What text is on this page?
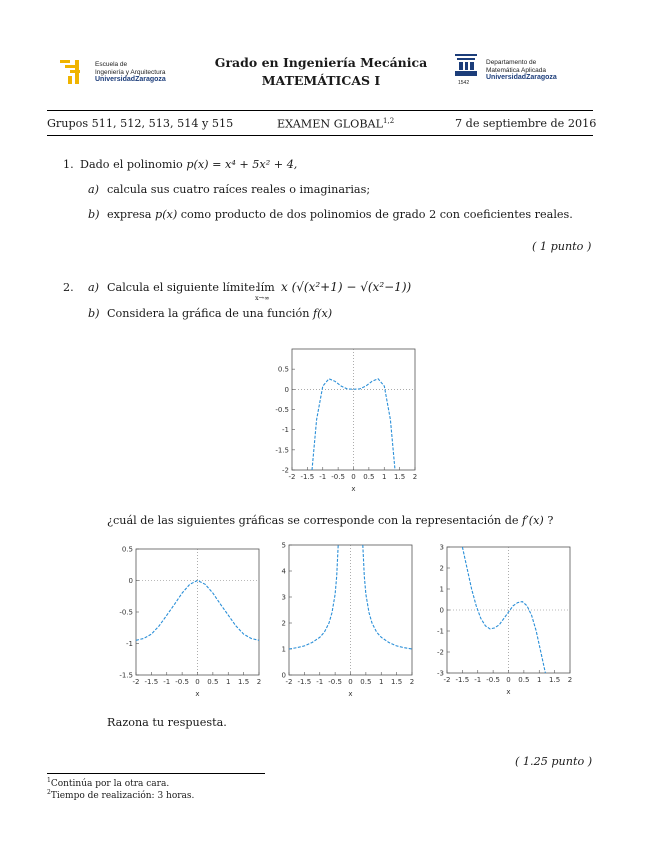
Escuela de
Ingeniería y Arquitectura
UniversidadZaragoza
Grado en Ingeniería Mecánica
MATEMÁTICAS I	1542
Departamento de
Matemática Aplicada
UniversidadZaragoza
Grupos 511, 512, 513, 514 y 515	EXAMEN GLOBAL$^{1,2}$	7 de septiembre de 2016
1. Dado el polinomio p(x) = x⁴ + 5x² + 4,
a) calcula sus cuatro raíces reales o imaginarias;
b) expresa p(x) como producto de dos polinomios de grado 2 con coeficientes reales.
( 1 punto )
2. a) Calcula el siguiente límite:
lím
x→∞
x (√(x²+1) − √(x²−1))
b) Considera la gráfica de una función f(x)
-2 -1.5 -1 -0.5 0 0.5 1 1.5 2
0.5
0
-0.5
-1
-1.5
-2
x
¿cuál de las siguientes gráficas se corresponde con la representación de f′(x) ?
-2 -1.5 -1 -0.5 0 0.5 1 1.5 2
0.5
0
-0.5
-1
-1.5
x
-2 -1.5 -1 -0.5 0 0.5 1 1.5 2
5
4
3
2
1
0
x
-2 -1.5 -1 -0.5 0 0.5 1 1.5 2
3
2
1
0
-1
-2
-3
x
Razona tu respuesta.
( 1.25 punto )
$^1$Continúa por la otra cara.
$^2$Tiempo de realización: 3 horas.
